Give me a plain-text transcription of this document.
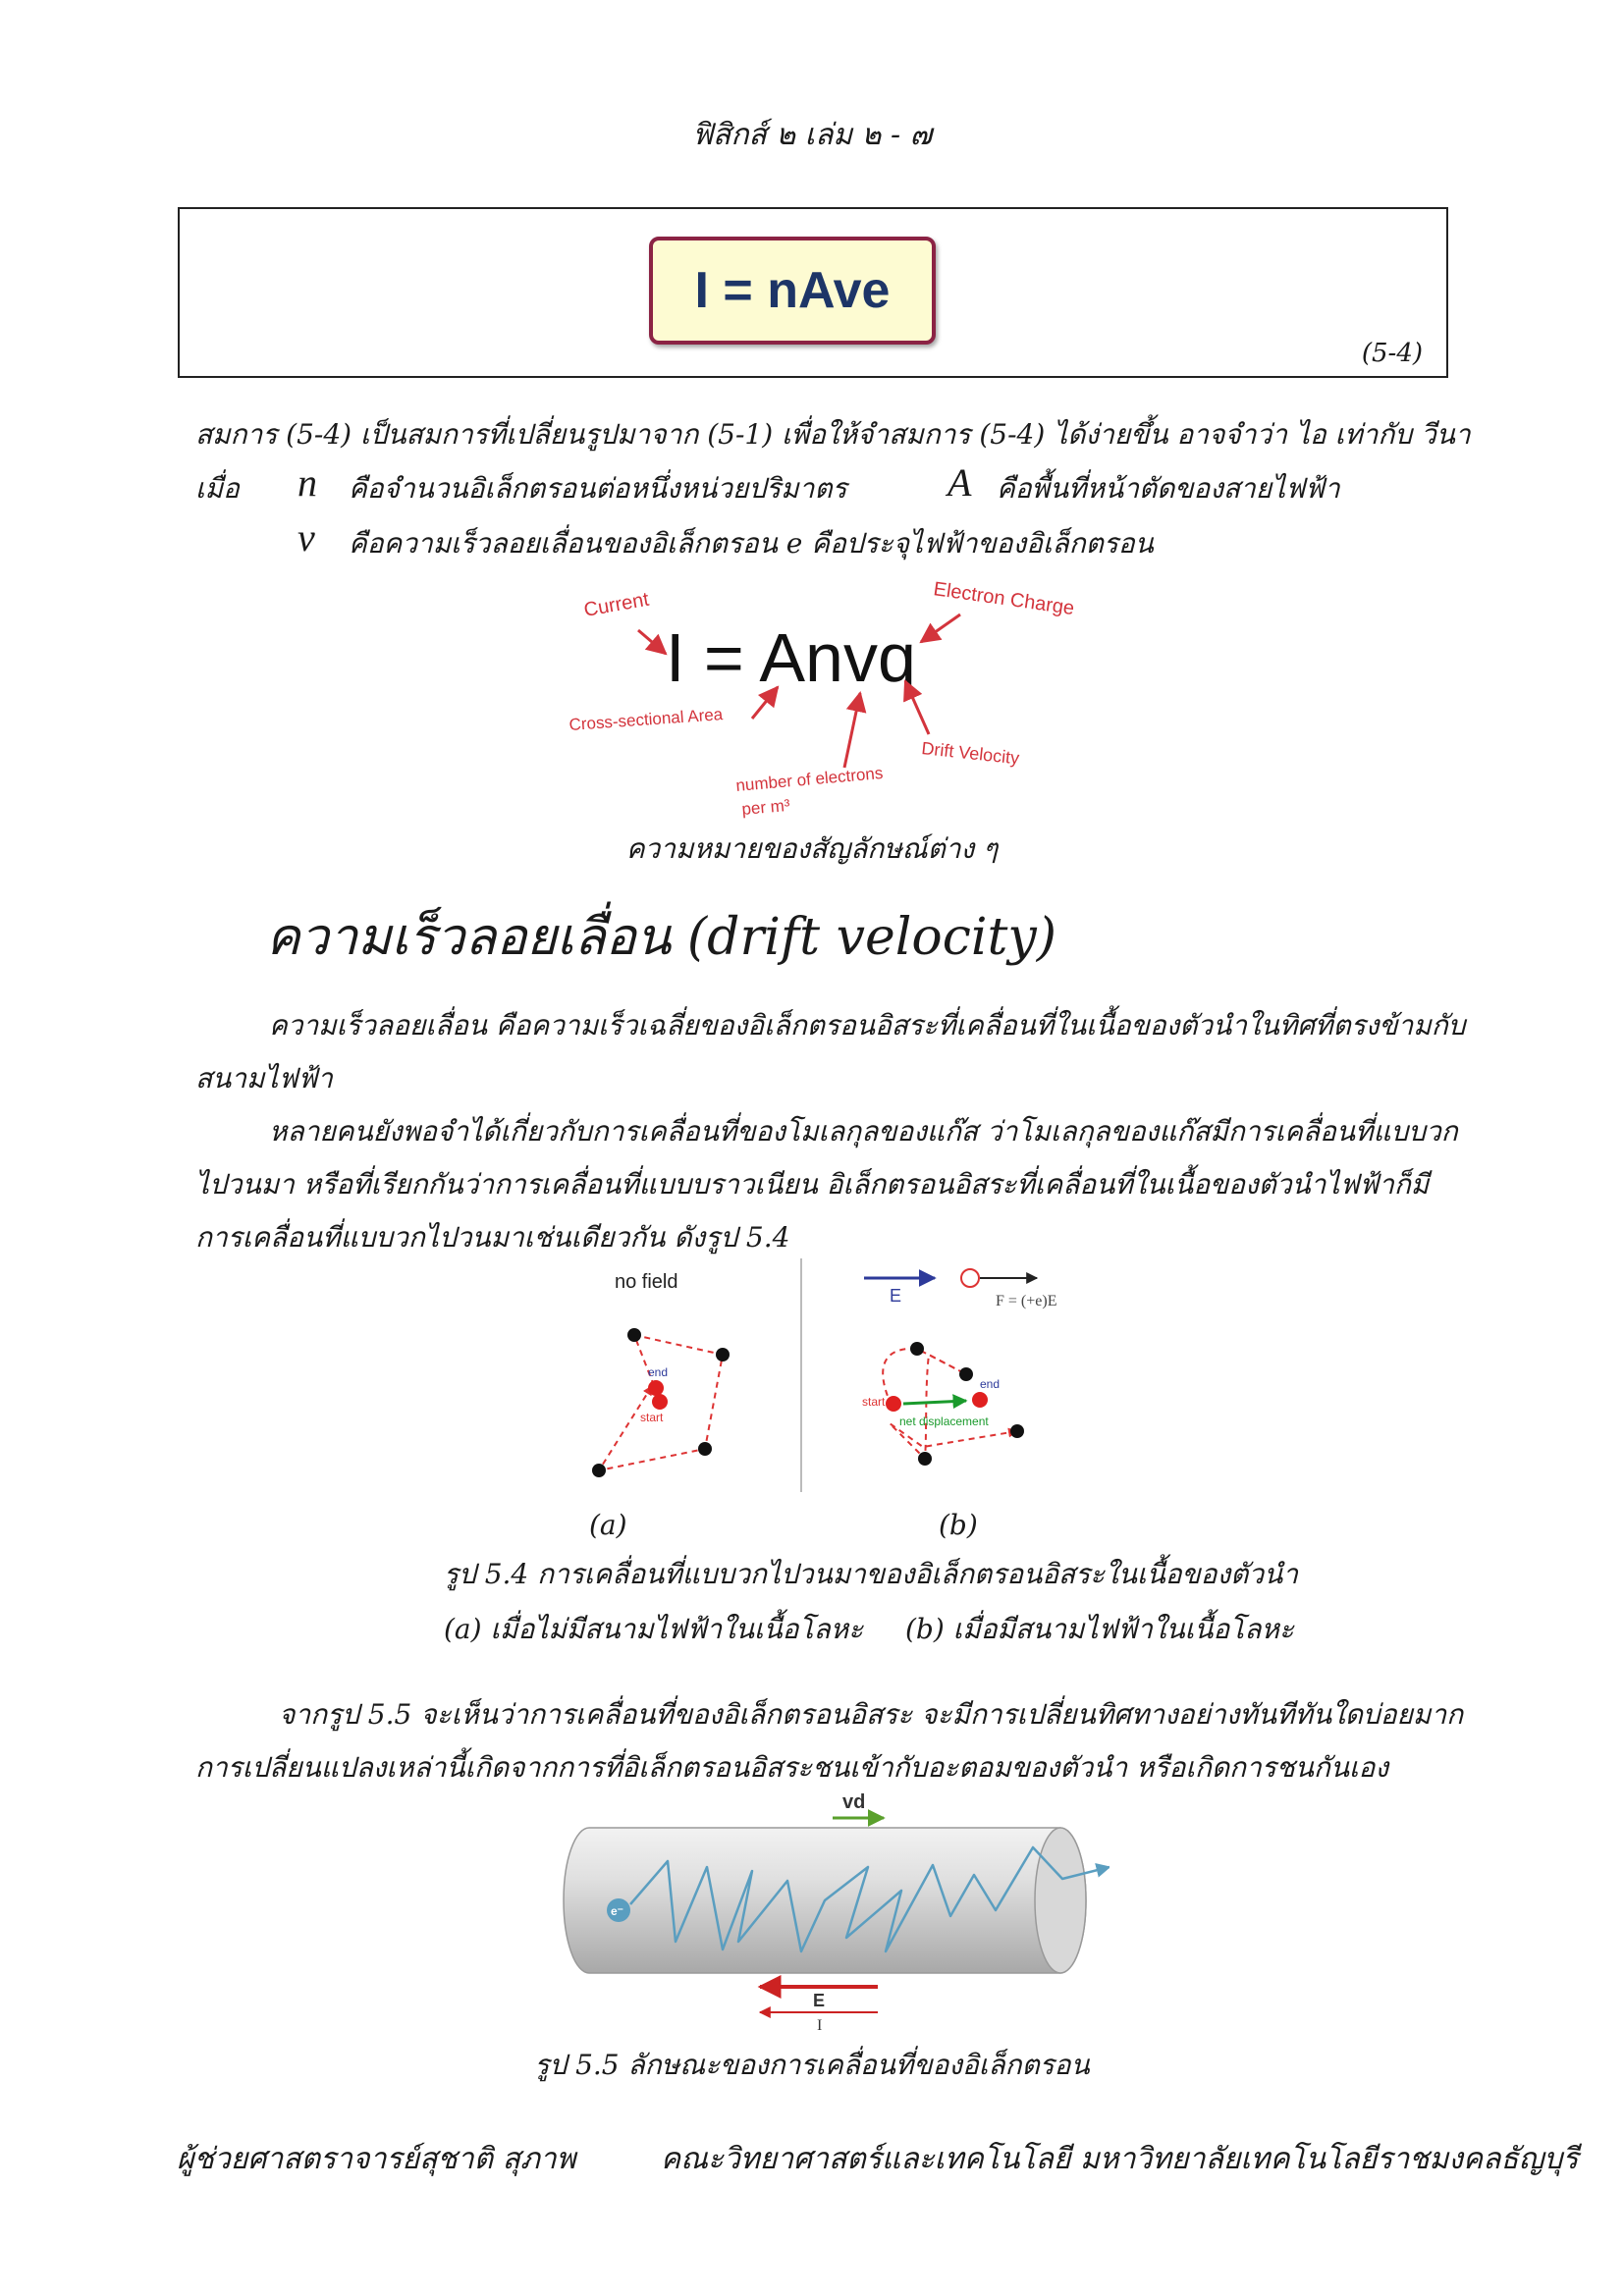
ฟิสิกส์ ๒ เล่ม ๒ - ๗
I = nAve
(5-4)
สมการ (5-4) เป็นสมการที่เปลี่ยนรูปมาจาก (5-1) เพื่อให้จำสมการ (5-4) ได้ง่ายขึ้น อาจจำว่า ไอ เท่ากับ วีนา
เมื่อ n คือจำนวนอิเล็กตรอนต่อหนึ่งหน่วยปริมาตร	A คือพื้นที่หน้าตัดของสายไฟฟ้า
v คือความเร็วลอยเลื่อนของอิเล็กตรอน e คือประจุไฟฟ้าของอิเล็กตรอน
I = Anvq
Current	Electron Charge
Cross-sectional Area
Drift Velocity
number of electrons
per m³
ความหมายของสัญลักษณ์ต่าง ๆ
ความเร็วลอยเลื่อน (drift velocity)
ความเร็วลอยเลื่อน คือความเร็วเฉลี่ยของอิเล็กตรอนอิสระที่เคลื่อนที่ในเนื้อของตัวนำในทิศที่ตรงข้ามกับสนามไฟฟ้า
หลายคนยังพอจำได้เกี่ยวกับการเคลื่อนที่ของโมเลกุลของแก๊ส ว่าโมเลกุลของแก๊สมีการเคลื่อนที่แบบวกไปวนมา หรือที่เรียกกันว่าการเคลื่อนที่แบบบราวเนียน อิเล็กตรอนอิสระที่เคลื่อนที่ในเนื้อของตัวนำไฟฟ้าก็มีการเคลื่อนที่แบบวกไปวนมาเช่นเดียวกัน ดังรูป 5.4
no field
end
start
E	F = (+e)E
start
end
net displacement
(a)	(b)
รูป 5.4 การเคลื่อนที่แบบวกไปวนมาของอิเล็กตรอนอิสระในเนื้อของตัวนำ
(a) เมื่อไม่มีสนามไฟฟ้าในเนื้อโลหะ (b) เมื่อมีสนามไฟฟ้าในเนื้อโลหะ
จากรูป 5.5 จะเห็นว่าการเคลื่อนที่ของอิเล็กตรอนอิสระ จะมีการเปลี่ยนทิศทางอย่างทันทีทันใดบ่อยมาก การเปลี่ยนแปลงเหล่านี้เกิดจากการที่อิเล็กตรอนอิสระชนเข้ากับอะตอมของตัวนำ หรือเกิดการชนกันเอง
vd
e⁻
E
I
รูป 5.5 ลักษณะของการเคลื่อนที่ของอิเล็กตรอน
ผู้ช่วยศาสตราจารย์สุชาติ สุภาพ	คณะวิทยาศาสตร์และเทคโนโลยี มหาวิทยาลัยเทคโนโลยีราชมงคลธัญบุรี
